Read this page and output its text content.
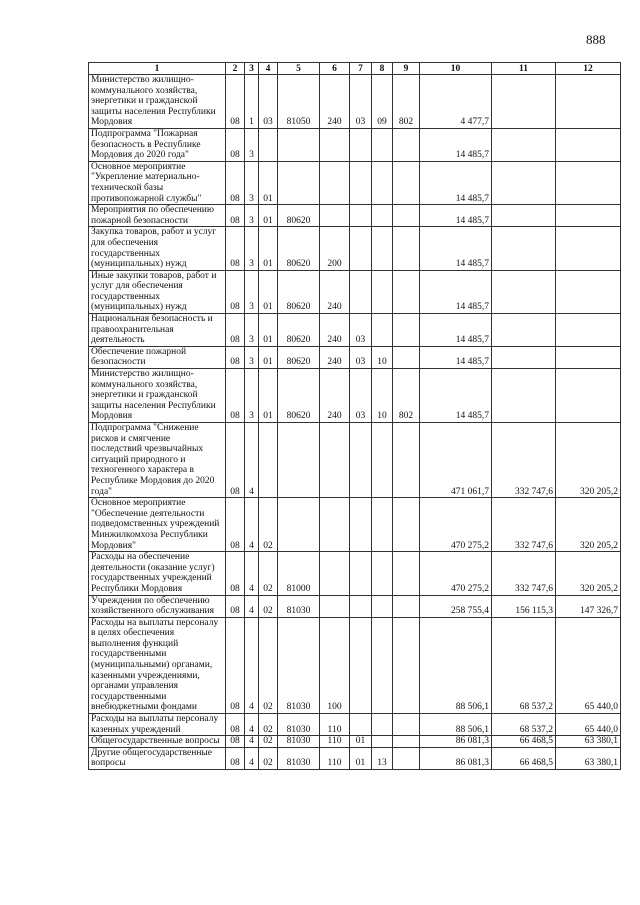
888
1	2	3	4	5	6	7	8	9	10	11	12
Министерство жилищно-коммунального хозяйства, энергетики и гражданской защиты населения Республики Мордовия	08	1	03	81050	240	03	09	802	4 477,7		
Подпрограмма "Пожарная безопасность в Республике Мордовия до 2020 года"	08	3							14 485,7		
Основное мероприятие "Укрепление материально-технической базы противопожарной службы"	08	3	01						14 485,7		
Мероприятия по обеспечению пожарной безопасности	08	3	01	80620					14 485,7		
Закупка товаров, работ и услуг для обеспечения государственных (муниципальных) нужд	08	3	01	80620	200				14 485,7		
Иные закупки товаров, работ и услуг для обеспечения государственных (муниципальных) нужд	08	3	01	80620	240				14 485,7		
Национальная безопасность и правоохранительная деятельность	08	3	01	80620	240	03			14 485,7		
Обеспечение пожарной безопасности	08	3	01	80620	240	03	10		14 485,7		
Министерство жилищно-коммунального хозяйства, энергетики и гражданской защиты населения Республики Мордовия	08	3	01	80620	240	03	10	802	14 485,7		
Подпрограмма "Снижение рисков и смягчение последствий чрезвычайных ситуаций природного и техногенного характера в Республике Мордовия до 2020 года"	08	4							471 061,7	332 747,6	320 205,2
Основное мероприятие "Обеспечение деятельности подведомственных учреждений Минжилкомхоза Республики Мордовия"	08	4	02						470 275,2	332 747,6	320 205,2
Расходы на обеспечение деятельности (оказание услуг) государственных учреждений Республики Мордовия	08	4	02	81000					470 275,2	332 747,6	320 205,2
Учреждения по обеспечению хозяйственного обслуживания	08	4	02	81030					258 755,4	156 115,3	147 326,7
Расходы на выплаты персоналу в целях обеспечения выполнения функций государственными (муниципальными) органами, казенными учреждениями, органами управления государственными внебюджетными фондами	08	4	02	81030	100				88 506,1	68 537,2	65 440,0
Расходы на выплаты персоналу казенных учреждений	08	4	02	81030	110				88 506,1	68 537,2	65 440,0
Общегосударственные вопросы	08	4	02	81030	110	01			86 081,3	66 468,5	63 380,1
Другие общегосударственные вопросы	08	4	02	81030	110	01	13		86 081,3	66 468,5	63 380,1
